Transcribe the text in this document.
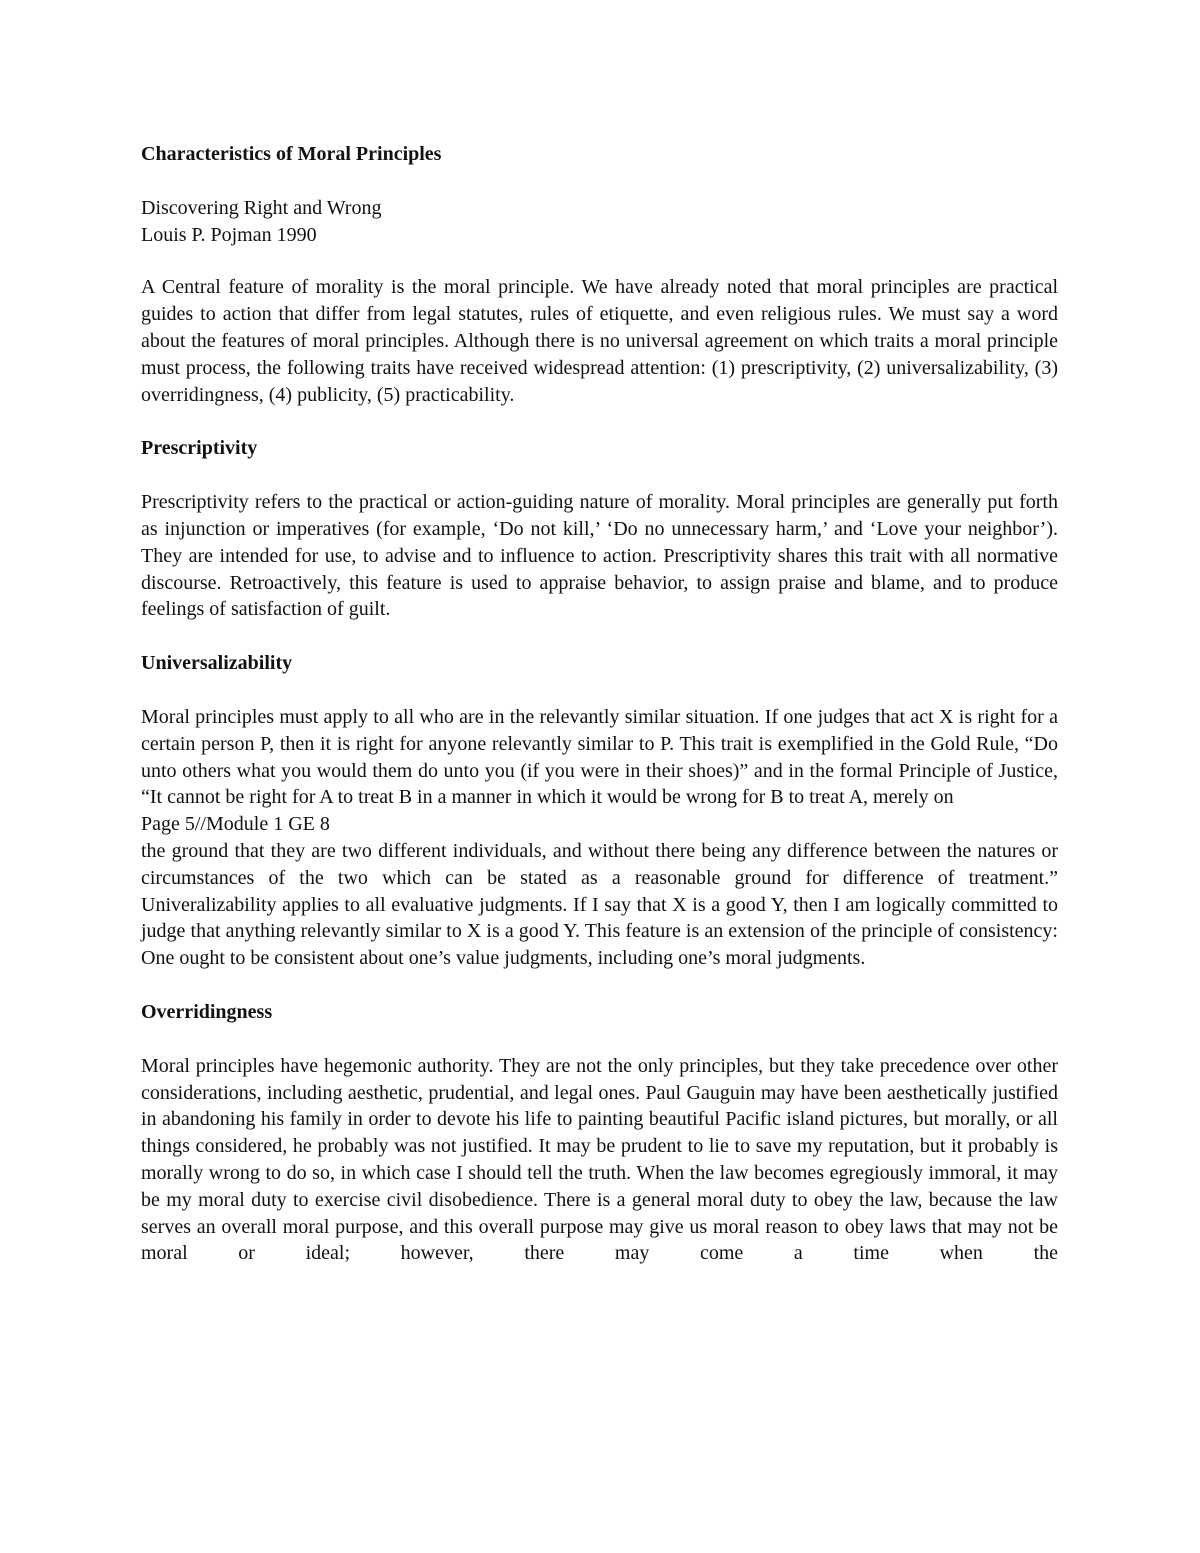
Characteristics of Moral Principles

Discovering Right and Wrong

Louis P. Pojman 1990

A Central feature of morality is the moral principle. We have already noted that moral principles are practical guides to action that differ from legal statutes, rules of etiquette, and even religious rules. We must say a word about the features of moral principles. Although there is no universal agreement on which traits a moral principle must process, the following traits have received widespread attention: (1) prescriptivity, (2) universalizability, (3) overridingness, (4) publicity, (5) practicability.

Prescriptivity

Prescriptivity refers to the practical or action-guiding nature of morality. Moral principles are generally put forth as injunction or imperatives (for example, ‘Do not kill,’ ‘Do no unnecessary harm,’ and ‘Love your neighbor’). They are intended for use, to advise and to influence to action. Prescriptivity shares this trait with all normative discourse. Retroactively, this feature is used to appraise behavior, to assign praise and blame, and to produce feelings of satisfaction of guilt.

Universalizability

Moral principles must apply to all who are in the relevantly similar situation. If one judges that act X is right for a certain person P, then it is right for anyone relevantly similar to P. This trait is exemplified in the Gold Rule, “Do unto others what you would them do unto you (if you were in their shoes)” and in the formal Principle of Justice, “It cannot be right for A to treat B in a manner in which it would be wrong for B to treat A, merely on

Page 5//Module 1 GE 8

the ground that they are two different individuals, and without there being any difference between the natures or circumstances of the two which can be stated as a reasonable ground for difference of treatment.” Univeralizability applies to all evaluative judgments. If I say that X is a good Y, then I am logically committed to judge that anything relevantly similar to X is a good Y. This feature is an extension of the principle of consistency: One ought to be consistent about one’s value judgments, including one’s moral judgments.

Overridingness

Moral principles have hegemonic authority. They are not the only principles, but they take precedence over other considerations, including aesthetic, prudential, and legal ones. Paul Gauguin may have been aesthetically justified in abandoning his family in order to devote his life to painting beautiful Pacific island pictures, but morally, or all things considered, he probably was not justified. It may be prudent to lie to save my reputation, but it probably is morally wrong to do so, in which case I should tell the truth. When the law becomes egregiously immoral, it may be my moral duty to exercise civil disobedience. There is a general moral duty to obey the law, because the law serves an overall moral purpose, and this overall purpose may give us moral reason to obey laws that may not be moral or ideal; however, there may come a time when the
